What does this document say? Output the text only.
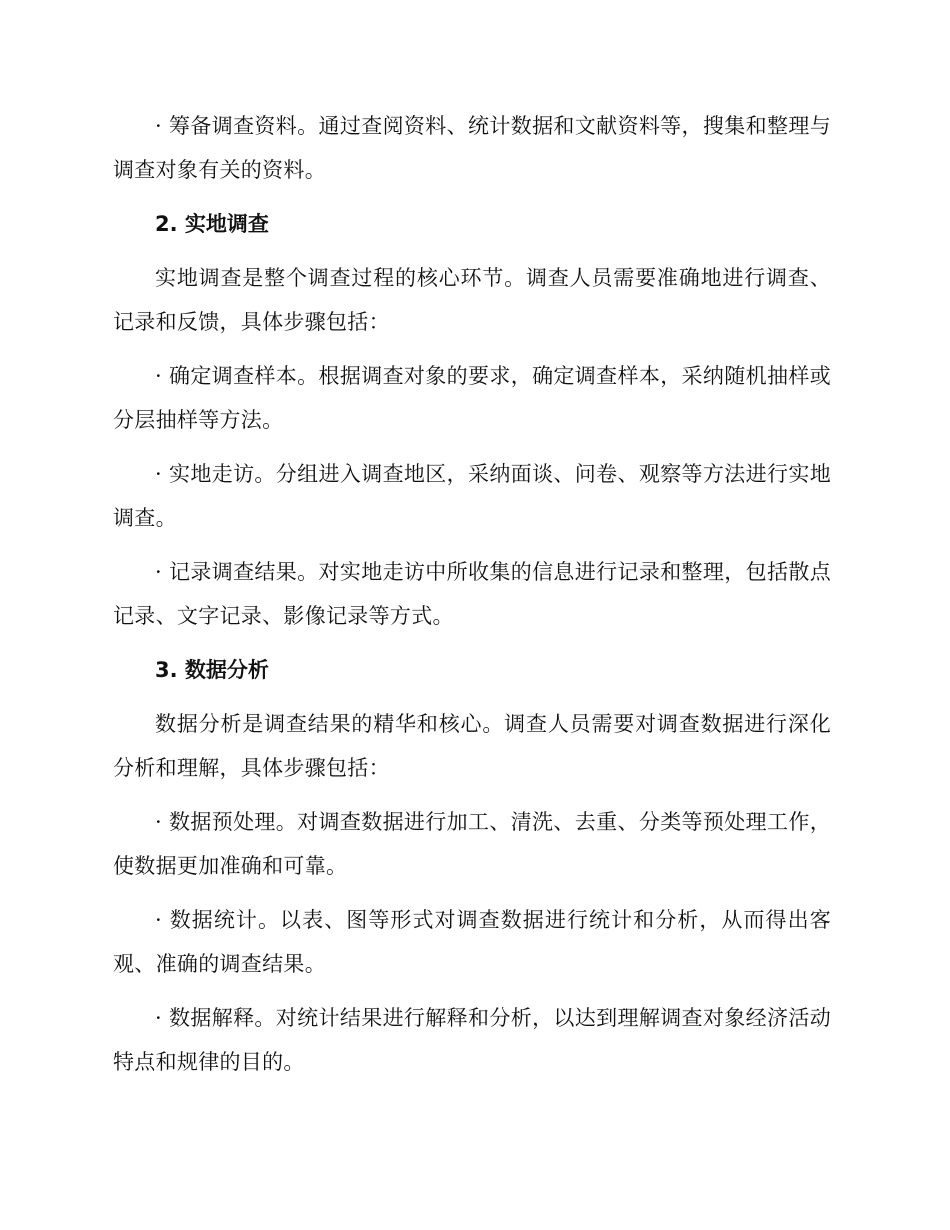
· 筹备调查资料。通过查阅资料、统计数据和文献资料等，搜集和整理与调查对象有关的资料。

2. 实地调查

实地调查是整个调查过程的核心环节。调查人员需要准确地进行调查、记录和反馈，具体步骤包括：

· 确定调查样本。根据调查对象的要求，确定调查样本，采纳随机抽样或分层抽样等方法。

· 实地走访。分组进入调查地区，采纳面谈、问卷、观察等方法进行实地调查。

· 记录调查结果。对实地走访中所收集的信息进行记录和整理，包括散点记录、文字记录、影像记录等方式。

3. 数据分析

数据分析是调查结果的精华和核心。调查人员需要对调查数据进行深化分析和理解，具体步骤包括：

· 数据预处理。对调查数据进行加工、清洗、去重、分类等预处理工作，使数据更加准确和可靠。

· 数据统计。以表、图等形式对调查数据进行统计和分析，从而得出客观、准确的调查结果。

· 数据解释。对统计结果进行解释和分析，以达到理解调查对象经济活动特点和规律的目的。
